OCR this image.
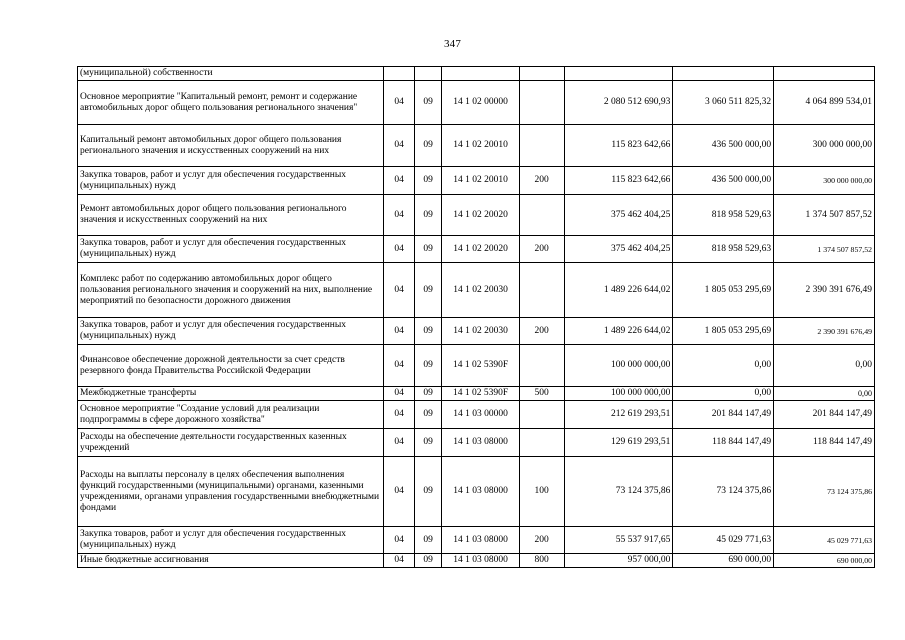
347
(муниципальной) собственности							
Основное мероприятие "Капитальный ремонт, ремонт и содержание автомобильных дорог общего пользования регионального значения"	04	09	14 1 02 00000		2 080 512 690,93	3 060 511 825,32	4 064 899 534,01
Капитальный ремонт автомобильных дорог общего пользования регионального значения и искусственных сооружений на них	04	09	14 1 02 20010		115 823 642,66	436 500 000,00	300 000 000,00
Закупка товаров, работ и услуг для обеспечения государственных (муниципальных) нужд	04	09	14 1 02 20010	200	115 823 642,66	436 500 000,00	300 000 000,00
Ремонт автомобильных дорог общего пользования регионального значения и искусственных сооружений на них	04	09	14 1 02 20020		375 462 404,25	818 958 529,63	1 374 507 857,52
Закупка товаров, работ и услуг для обеспечения государственных (муниципальных) нужд	04	09	14 1 02 20020	200	375 462 404,25	818 958 529,63	1 374 507 857,52
Комплекс работ по содержанию автомобильных дорог общего пользования регионального значения и сооружений на них, выполнение мероприятий по безопасности дорожного движения	04	09	14 1 02 20030		1 489 226 644,02	1 805 053 295,69	2 390 391 676,49
Закупка товаров, работ и услуг для обеспечения государственных (муниципальных) нужд	04	09	14 1 02 20030	200	1 489 226 644,02	1 805 053 295,69	2 390 391 676,49
Финансовое обеспечение дорожной деятельности за счет средств резервного фонда Правительства Российской Федерации	04	09	14 1 02 5390F		100 000 000,00	0,00	0,00
Межбюджетные трансферты	04	09	14 1 02 5390F	500	100 000 000,00	0,00	0,00
Основное мероприятие "Создание условий для реализации подпрограммы в сфере дорожного хозяйства"	04	09	14 1 03 00000		212 619 293,51	201 844 147,49	201 844 147,49
Расходы на обеспечение деятельности государственных казенных учреждений	04	09	14 1 03 08000		129 619 293,51	118 844 147,49	118 844 147,49
Расходы на выплаты персоналу в целях обеспечения выполнения функций государственными (муниципальными) органами, казенными учреждениями, органами управления государственными внебюджетными фондами	04	09	14 1 03 08000	100	73 124 375,86	73 124 375,86	73 124 375,86
Закупка товаров, работ и услуг для обеспечения государственных (муниципальных) нужд	04	09	14 1 03 08000	200	55 537 917,65	45 029 771,63	45 029 771,63
Иные бюджетные ассигнования	04	09	14 1 03 08000	800	957 000,00	690 000,00	690 000,00
